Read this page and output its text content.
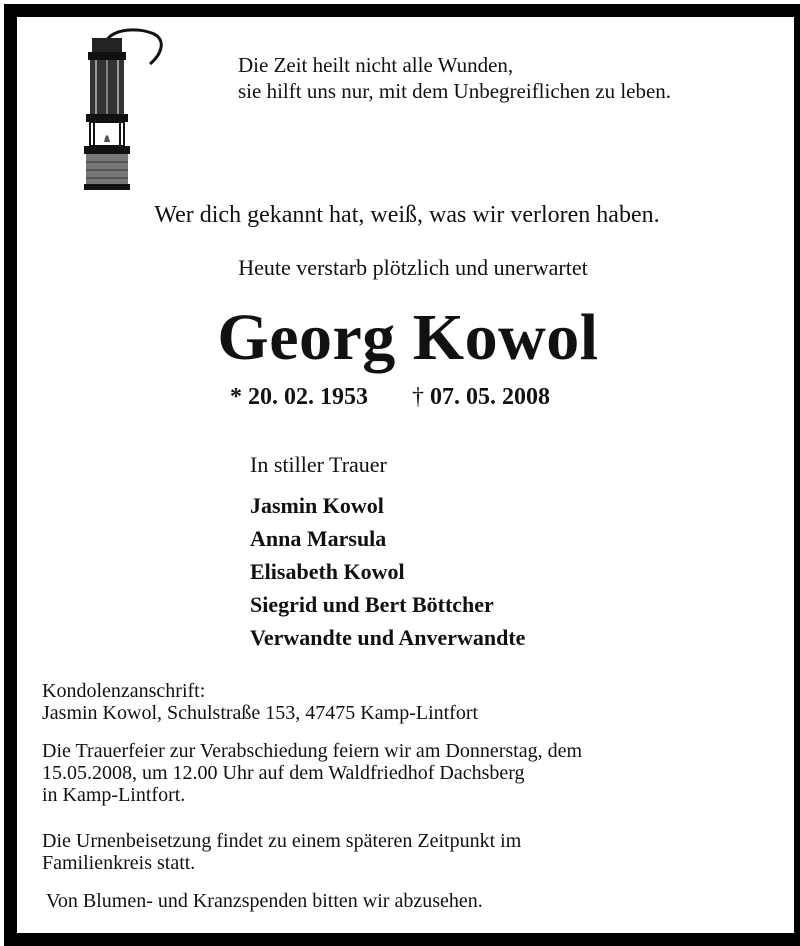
Die Zeit heilt nicht alle Wunden,
sie hilft uns nur, mit dem Unbegreiflichen zu leben.
Wer dich gekannt hat, weiß, was wir verloren haben.
Heute verstarb plötzlich und unerwartet
Georg Kowol
* 20. 02. 1953 † 07. 05. 2008
In stiller Trauer
Jasmin Kowol
Anna Marsula
Elisabeth Kowol
Siegrid und Bert Böttcher
Verwandte und Anverwandte
Kondolenzanschrift:
Jasmin Kowol, Schulstraße 153, 47475 Kamp-Lintfort
Die Trauerfeier zur Verabschiedung feiern wir am Donnerstag, dem
15.05.2008, um 12.00 Uhr auf dem Waldfriedhof Dachsberg
in Kamp-Lintfort.
Die Urnenbeisetzung findet zu einem späteren Zeitpunkt im
Familienkreis statt.
Von Blumen- und Kranzspenden bitten wir abzusehen.
